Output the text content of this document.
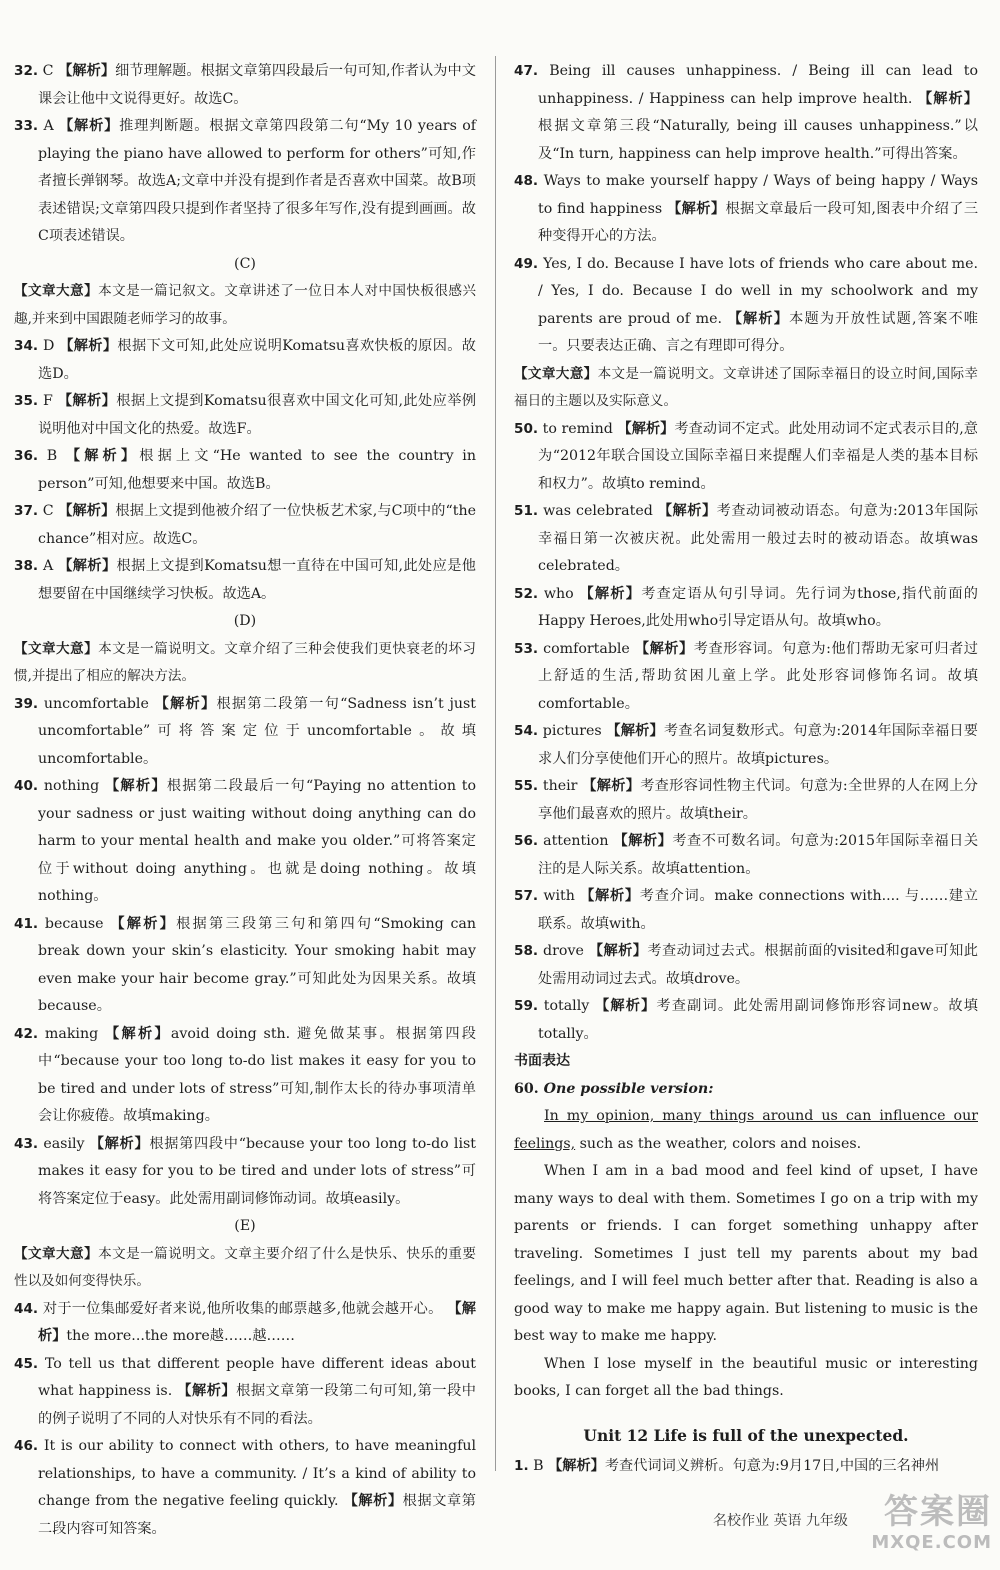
32. C 【解析】细节理解题。根据文章第四段最后一句可知,作者认为中文课会让他中文说得更好。故选C。

33. A 【解析】推理判断题。根据文章第四段第二句“My 10 years of playing the piano have allowed to perform for others”可知,作者擅长弹钢琴。故选A;文章中并没有提到作者是否喜欢中国菜。故B项表述错误;文章第四段只提到作者坚持了很多年写作,没有提到画画。故C项表述错误。

(C)

【文章大意】本文是一篇记叙文。文章讲述了一位日本人对中国快板很感兴趣,并来到中国跟随老师学习的故事。

34. D 【解析】根据下文可知,此处应说明Komatsu喜欢快板的原因。故选D。

35. F 【解析】根据上文提到Komatsu很喜欢中国文化可知,此处应举例说明他对中国文化的热爱。故选F。

36. B 【解析】根据上文“He wanted to see the country in person”可知,他想要来中国。故选B。

37. C 【解析】根据上文提到他被介绍了一位快板艺术家,与C项中的“the chance”相对应。故选C。

38. A 【解析】根据上文提到Komatsu想一直待在中国可知,此处应是他想要留在中国继续学习快板。故选A。

(D)

【文章大意】本文是一篇说明文。文章介绍了三种会使我们更快衰老的坏习惯,并提出了相应的解决方法。

39. uncomfortable 【解析】根据第二段第一句“Sadness isn’t just uncomfortable”可将答案定位于uncomfortable。故填uncomfortable。

40. nothing 【解析】根据第二段最后一句“Paying no attention to your sadness or just waiting without doing anything can do harm to your mental health and make you older.”可将答案定位于without doing anything。也就是doing nothing。故填nothing。

41. because 【解析】根据第三段第三句和第四句“Smoking can break down your skin’s elasticity. Your smoking habit may even make your hair become gray.”可知此处为因果关系。故填because。

42. making 【解析】avoid doing sth. 避免做某事。根据第四段中“because your too long to-do list makes it easy for you to be tired and under lots of stress”可知,制作太长的待办事项清单会让你疲倦。故填making。

43. easily 【解析】根据第四段中“because your too long to-do list makes it easy for you to be tired and under lots of stress”可将答案定位于easy。此处需用副词修饰动词。故填easily。

(E)

【文章大意】本文是一篇说明文。文章主要介绍了什么是快乐、快乐的重要性以及如何变得快乐。

44. 对于一位集邮爱好者来说,他所收集的邮票越多,他就会越开心。 【解析】the more...the more越……越……

45. To tell us that different people have different ideas about what happiness is. 【解析】根据文章第一段第二句可知,第一段中的例子说明了不同的人对快乐有不同的看法。

46. It is our ability to connect with others, to have meaningful relationships, to have a community. / It’s a kind of ability to change from the negative feeling quickly. 【解析】根据文章第二段内容可知答案。

47. Being ill causes unhappiness. / Being ill can lead to unhappiness. / Happiness can help improve health. 【解析】根据文章第三段“Naturally, being ill causes unhappiness.”以及“In turn, happiness can help improve health.”可得出答案。

48. Ways to make yourself happy / Ways of being happy / Ways to find happiness 【解析】根据文章最后一段可知,图表中介绍了三种变得开心的方法。

49. Yes, I do. Because I have lots of friends who care about me. / Yes, I do. Because I do well in my schoolwork and my parents are proud of me. 【解析】本题为开放性试题,答案不唯一。只要表达正确、言之有理即可得分。

【文章大意】本文是一篇说明文。文章讲述了国际幸福日的设立时间,国际幸福日的主题以及实际意义。

50. to remind 【解析】考查动词不定式。此处用动词不定式表示目的,意为“2012年联合国设立国际幸福日来提醒人们幸福是人类的基本目标和权力”。故填to remind。

51. was celebrated 【解析】考查动词被动语态。句意为:2013年国际幸福日第一次被庆祝。此处需用一般过去时的被动语态。故填was celebrated。

52. who 【解析】考查定语从句引导词。先行词为those,指代前面的Happy Heroes,此处用who引导定语从句。故填who。

53. comfortable 【解析】考查形容词。句意为:他们帮助无家可归者过上舒适的生活,帮助贫困儿童上学。此处形容词修饰名词。故填comfortable。

54. pictures 【解析】考查名词复数形式。句意为:2014年国际幸福日要求人们分享使他们开心的照片。故填pictures。

55. their 【解析】考查形容词性物主代词。句意为:全世界的人在网上分享他们最喜欢的照片。故填their。

56. attention 【解析】考查不可数名词。句意为:2015年国际幸福日关注的是人际关系。故填attention。

57. with 【解析】考查介词。make connections with.... 与……建立联系。故填with。

58. drove 【解析】考查动词过去式。根据前面的visited和gave可知此处需用动词过去式。故填drove。

59. totally 【解析】考查副词。此处需用副词修饰形容词new。故填totally。

书面表达

60. One possible version:

In my opinion, many things around us can influence our feelings, such as the weather, colors and noises.

When I am in a bad mood and feel kind of upset, I have many ways to deal with them. Sometimes I go on a trip with my parents or friends. I can forget something unhappy after traveling. Sometimes I just tell my parents about my bad feelings, and I will feel much better after that. Reading is also a good way to make me happy again. But listening to music is the best way to make me happy.

When I lose myself in the beautiful music or interesting books, I can forget all the bad things.

Unit 12 Life is full of the unexpected.

1. B 【解析】考查代词词义辨析。句意为:9月17日,中国的三名神州

名校作业 英语 九年级	答案圈
MXQE.COM
